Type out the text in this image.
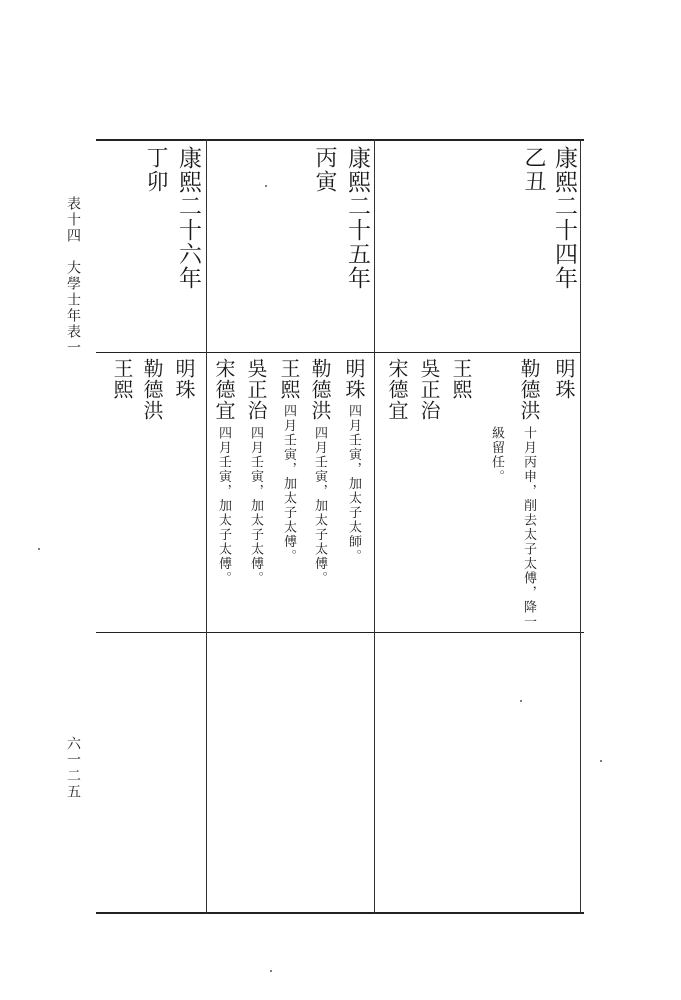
表十四　大學士年表一
六一二五
康熙二十四年
乙丑
明珠
勒德洪
十月丙申，削去太子太傅，降一
級留任。
王熙
吳正治
宋德宜
康熙二十五年
丙寅
明珠
四月壬寅，加太子太師。
勒德洪
四月壬寅，加太子太傅。
王熙
四月壬寅，加太子太傅。
吳正治
四月壬寅，加太子太傅。
宋德宜
四月壬寅，加太子太傅。
康熙二十六年
丁卯
明珠
勒德洪
王熙
